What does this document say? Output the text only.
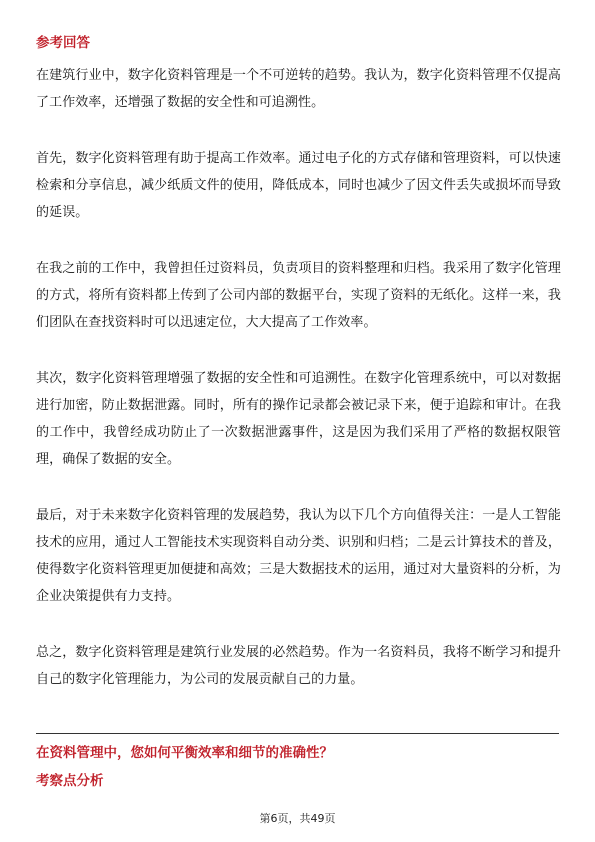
参考回答

在建筑行业中，数字化资料管理是一个不可逆转的趋势。我认为，数字化资料管理不仅提高了工作效率，还增强了数据的安全性和可追溯性。

首先，数字化资料管理有助于提高工作效率。通过电子化的方式存储和管理资料，可以快速检索和分享信息，减少纸质文件的使用，降低成本，同时也减少了因文件丢失或损坏而导致的延误。

在我之前的工作中，我曾担任过资料员，负责项目的资料整理和归档。我采用了数字化管理的方式，将所有资料都上传到了公司内部的数据平台，实现了资料的无纸化。这样一来，我们团队在查找资料时可以迅速定位，大大提高了工作效率。

其次，数字化资料管理增强了数据的安全性和可追溯性。在数字化管理系统中，可以对数据进行加密，防止数据泄露。同时，所有的操作记录都会被记录下来，便于追踪和审计。在我的工作中，我曾经成功防止了一次数据泄露事件，这是因为我们采用了严格的数据权限管理，确保了数据的安全。

最后，对于未来数字化资料管理的发展趋势，我认为以下几个方向值得关注：一是人工智能技术的应用，通过人工智能技术实现资料自动分类、识别和归档；二是云计算技术的普及，使得数字化资料管理更加便捷和高效；三是大数据技术的运用，通过对大量资料的分析，为企业决策提供有力支持。

总之，数字化资料管理是建筑行业发展的必然趋势。作为一名资料员，我将不断学习和提升自己的数字化管理能力，为公司的发展贡献自己的力量。

在资料管理中，您如何平衡效率和细节的准确性？
考察点分析
第6页，共49页
